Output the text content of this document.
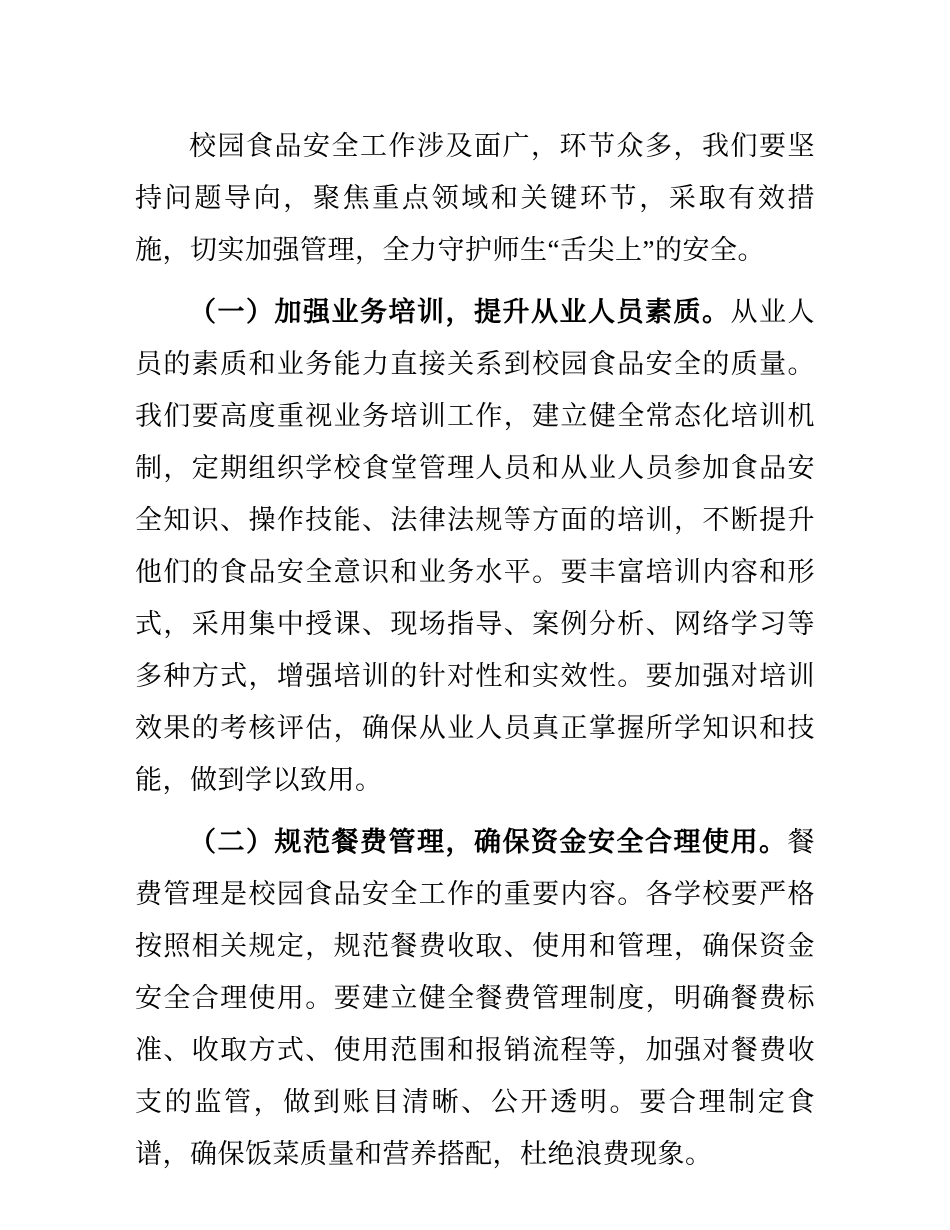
校园食品安全工作涉及面广，环节众多，我们要坚持问题导向，聚焦重点领域和关键环节，采取有效措施，切实加强管理，全力守护师生“舌尖上”的安全。

（一）加强业务培训，提升从业人员素质。从业人员的素质和业务能力直接关系到校园食品安全的质量。我们要高度重视业务培训工作，建立健全常态化培训机制，定期组织学校食堂管理人员和从业人员参加食品安全知识、操作技能、法律法规等方面的培训，不断提升他们的食品安全意识和业务水平。要丰富培训内容和形式，采用集中授课、现场指导、案例分析、网络学习等多种方式，增强培训的针对性和实效性。要加强对培训效果的考核评估，确保从业人员真正掌握所学知识和技能，做到学以致用。

（二）规范餐费管理，确保资金安全合理使用。餐费管理是校园食品安全工作的重要内容。各学校要严格按照相关规定，规范餐费收取、使用和管理，确保资金安全合理使用。要建立健全餐费管理制度，明确餐费标准、收取方式、使用范围和报销流程等，加强对餐费收支的监管，做到账目清晰、公开透明。要合理制定食谱，确保饭菜质量和营养搭配，杜绝浪费现象。
